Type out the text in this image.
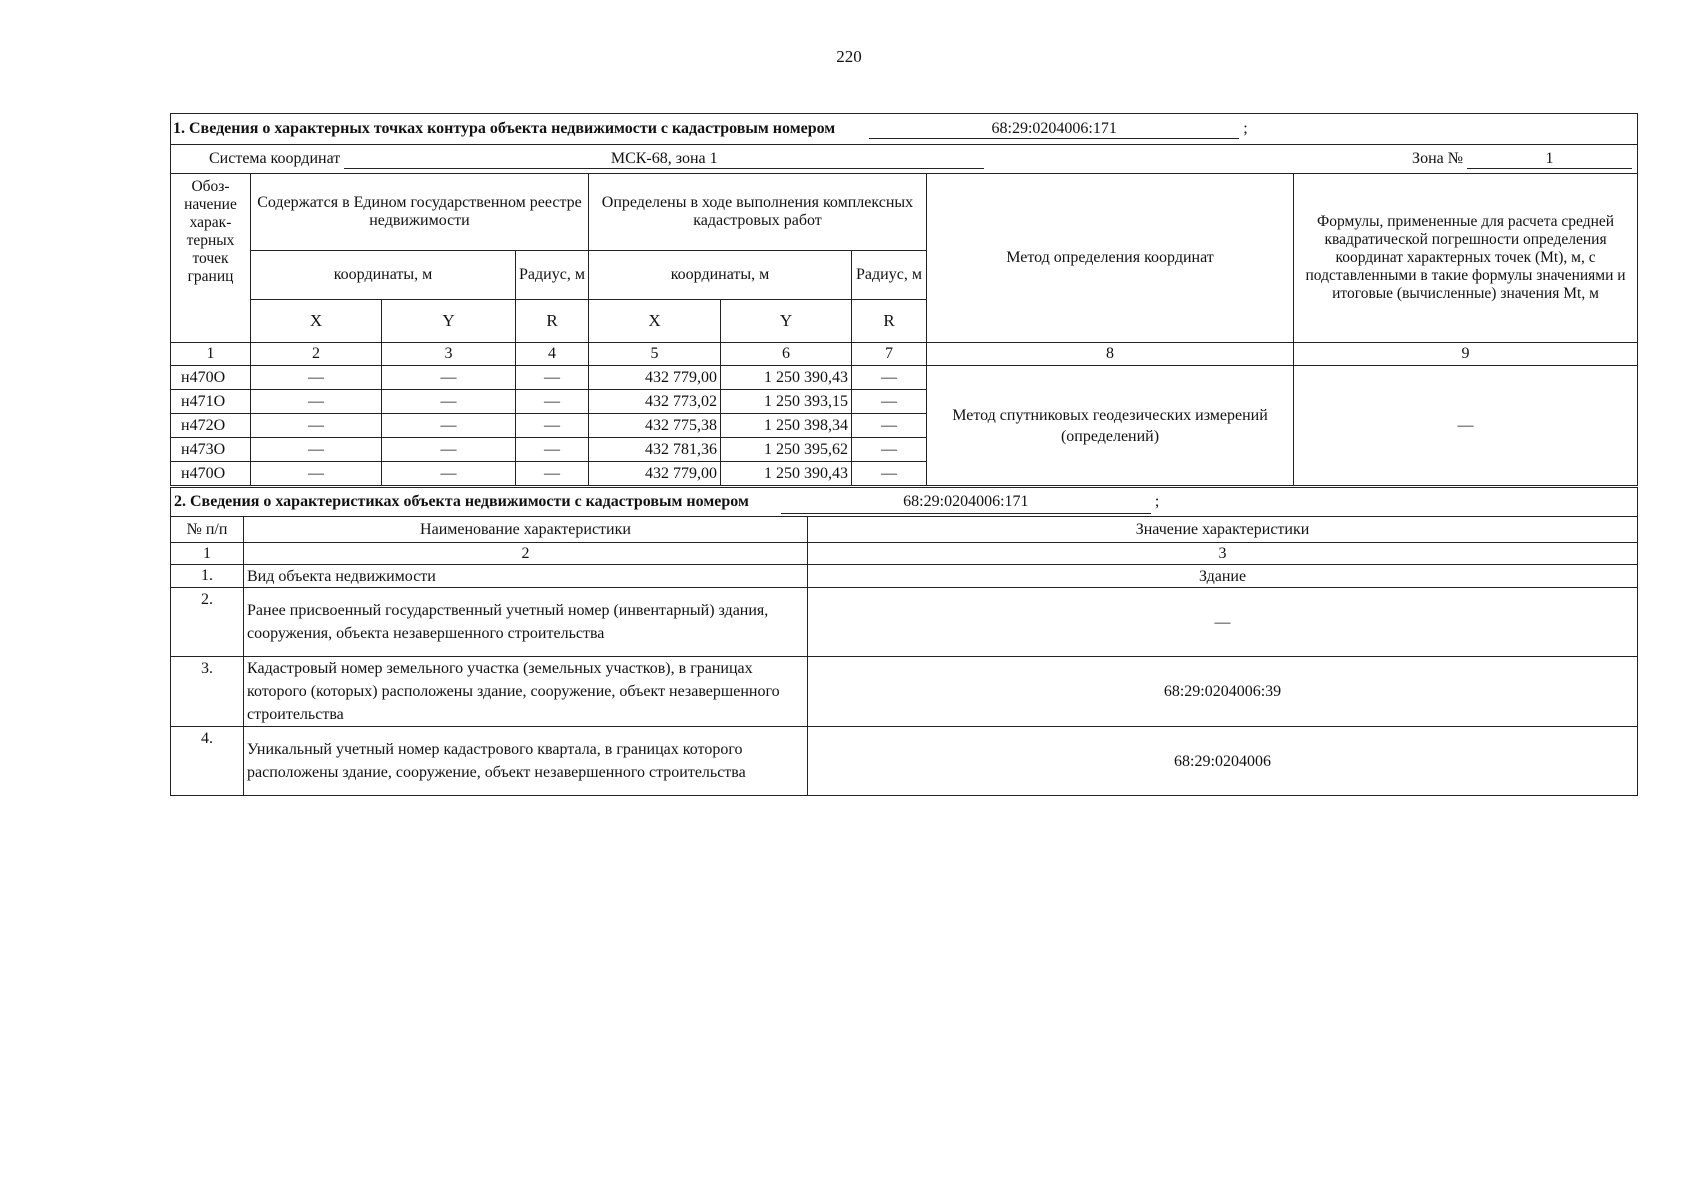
220
1. Сведения о характерных точках контура объекта недвижимости с кадастровым номером 68:29:0204006:171 ;								
Система координат МСК-68, зона 1 Зона № 1								
Обоз-начение харак-терных точек границ	Содержатся в Едином государственном реестре недвижимости			Определены в ходе выполнения комплексных кадастровых работ			Метод определения координат	Формулы, примененные для расчета средней квадратической погрешности определения координат характерных точек (Mt), м, с подставленными в такие формулы значениями и итоговые (вычисленные) значения Mt, м
	координаты, м		Радиус, м	координаты, м		Радиус, м		
	X	Y	R	X	Y	R		
1	2	3	4	5	6	7	8	9
н470О	—	—	—	432 779,00	1 250 390,43	—	Метод спутниковых геодезических измерений (определений)	—
н471О	—	—	—	432 773,02	1 250 393,15	—		
н472О	—	—	—	432 775,38	1 250 398,34	—		
н473О	—	—	—	432 781,36	1 250 395,62	—		
н470О	—	—	—	432 779,00	1 250 390,43	—		
2. Сведения о характеристиках объекта недвижимости с кадастровым номером 68:29:0204006:171 ;		
№ п/п	Наименование характеристики	Значение характеристики
1	2	3
1.	Вид объекта недвижимости	Здание
2.	Ранее присвоенный государственный учетный номер (инвентарный) здания, сооружения, объекта незавершенного строительства	—
3.	Кадастровый номер земельного участка (земельных участков), в границах которого (которых) расположены здание, сооружение, объект незавершенного строительства	68:29:0204006:39
4.	Уникальный учетный номер кадастрового квартала, в границах которого расположены здание, сооружение, объект незавершенного строительства	68:29:0204006
